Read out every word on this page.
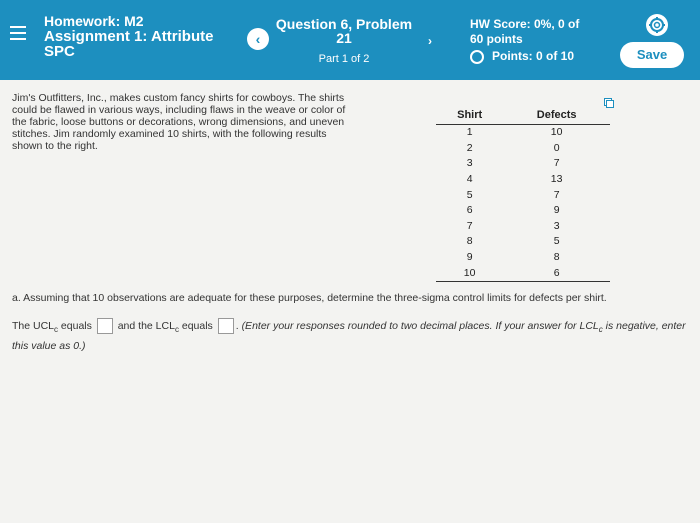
Homework: M2
Assignment 1: Attribute
SPC
‹
Question 6, Problem
21
Part 1 of 2
›
HW Score: 0%, 0 of
60 points
Points: 0 of 10	Save
Jim's Outfitters, Inc., makes custom fancy shirts for cowboys. The shirts could be flawed in various ways, including flaws in the weave or color of the fabric, loose buttons or decorations, wrong dimensions, and uneven stitches. Jim randomly examined 10 shirts, with the following results shown to the right.
Shirt	Defects
1	10
2	0
3	7
4	13
5	7
6	9
7	3
8	5
9	8
10	6
a. Assuming that 10 observations are adequate for these purposes, determine the three-sigma control limits for defects per shirt.
The $UCL_c$ equals  and the $LCL_c$ equals . (Enter your responses rounded to two decimal places. If your answer for $LCL_c$ is negative, enter this value as 0.)
